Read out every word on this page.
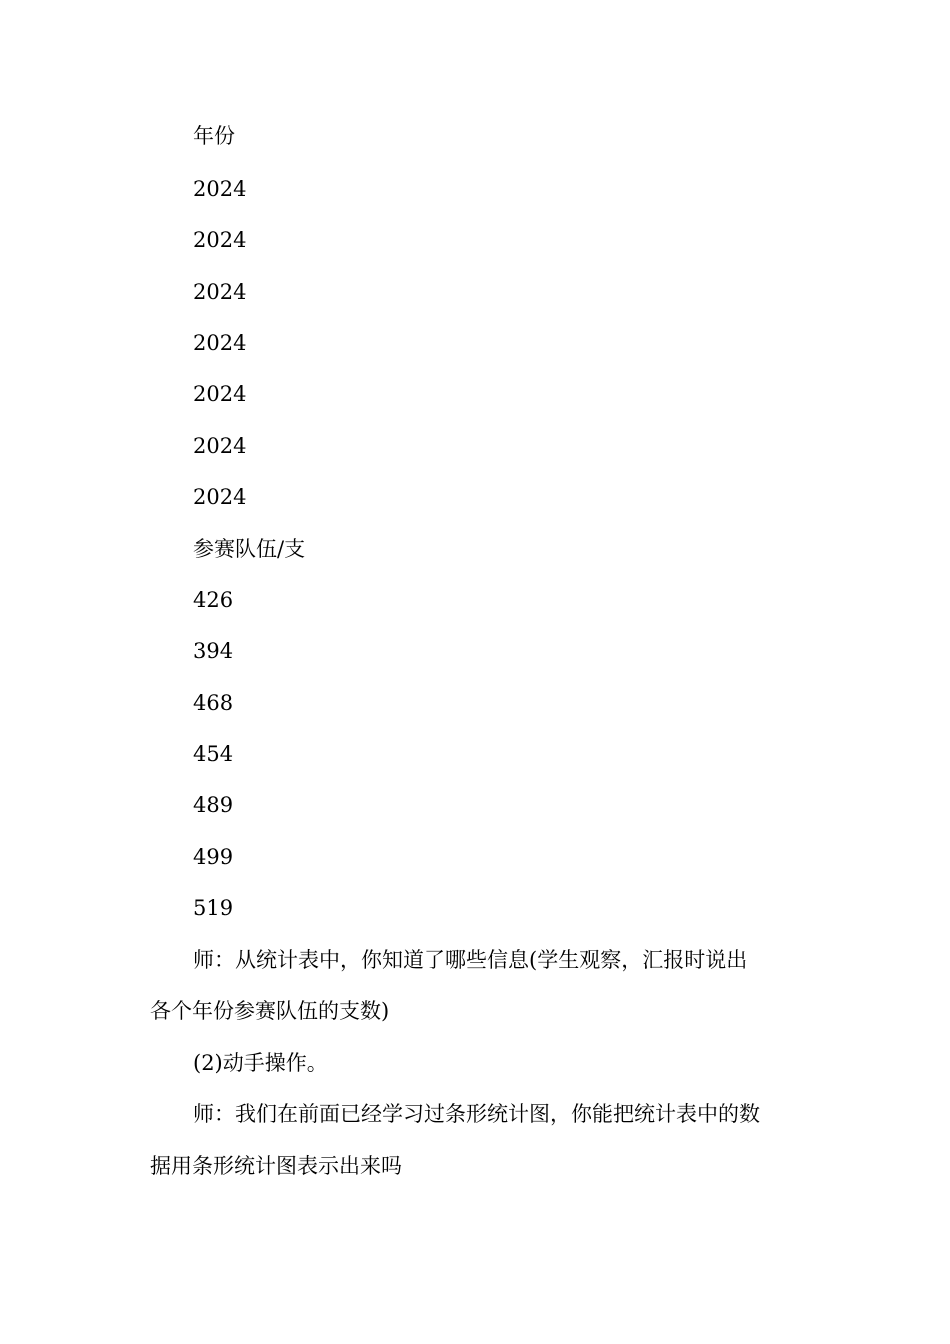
年份
2024
2024
2024
2024
2024
2024
2024
参赛队伍/支
426
394
468
454
489
499
519
师：从统计表中，你知道了哪些信息(学生观察，汇报时说出
各个年份参赛队伍的支数)
(2)动手操作。
师：我们在前面已经学习过条形统计图，你能把统计表中的数
据用条形统计图表示出来吗
